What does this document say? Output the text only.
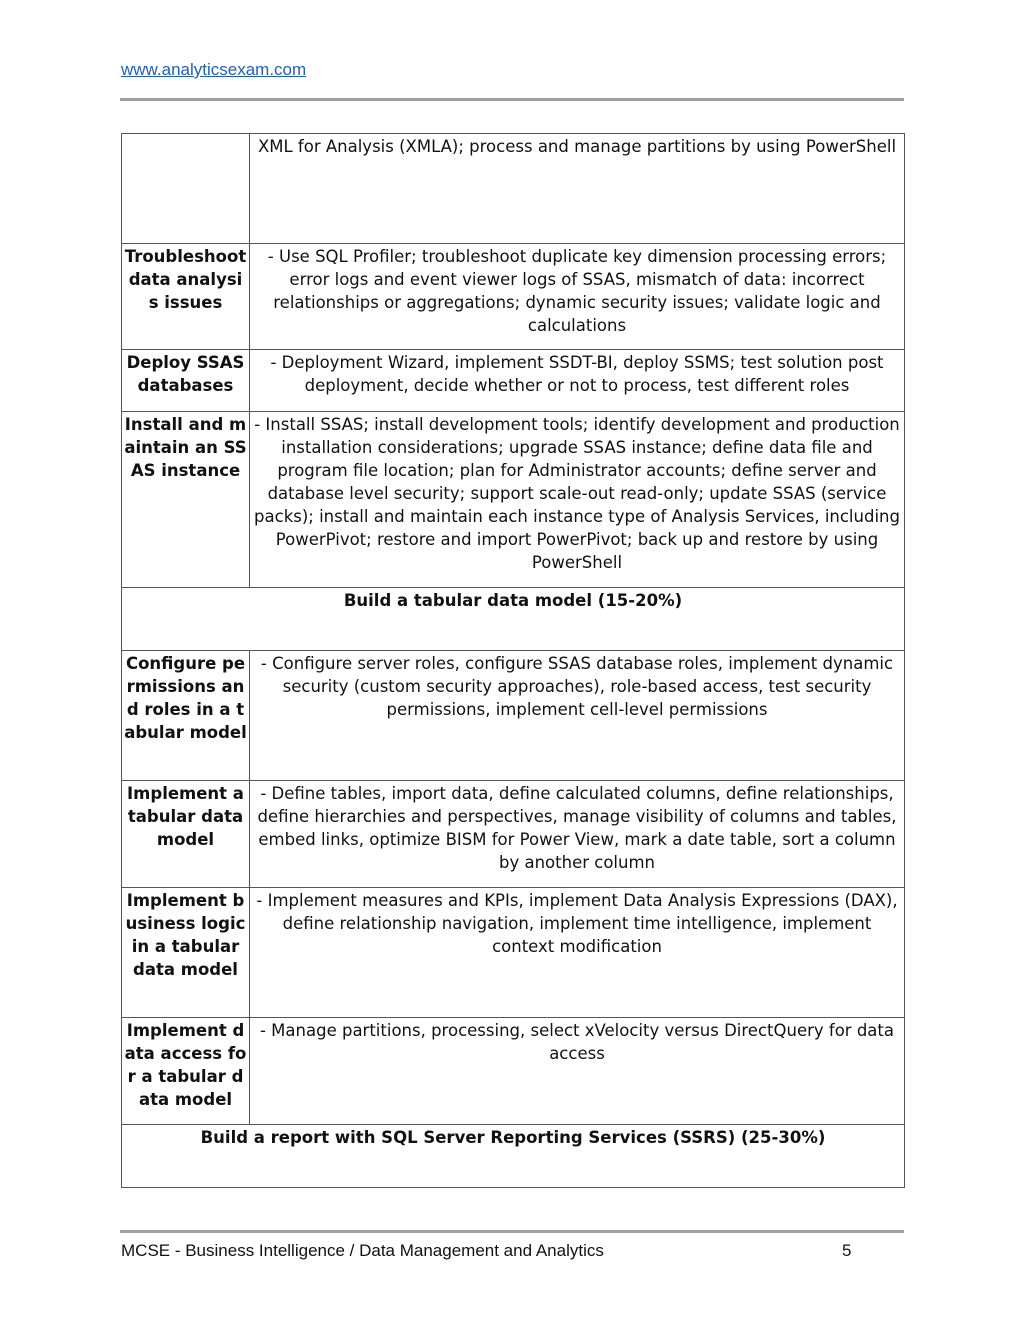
www.analyticsexam.com
	XML for Analysis (XMLA); process and manage partitions by using PowerShell
Troubleshoot data analysis issues	- Use SQL Profiler; troubleshoot duplicate key dimension processing errors; error logs and event viewer logs of SSAS, mismatch of data: incorrect relationships or aggregations; dynamic security issues; validate logic and calculations
Deploy SSAS databases	- Deployment Wizard, implement SSDT-BI, deploy SSMS; test solution post deployment, decide whether or not to process, test different roles
Install and maintain an SSAS instance	- Install SSAS; install development tools; identify development and production installation considerations; upgrade SSAS instance; define data file and program file location; plan for Administrator accounts; define server and database level security; support scale-out read-only; update SSAS (service packs); install and maintain each instance type of Analysis Services, including PowerPivot; restore and import PowerPivot; back up and restore by using PowerShell
Build a tabular data model (15-20%)	
Configure permissions and roles in a tabular model	- Configure server roles, configure SSAS database roles, implement dynamic security (custom security approaches), role-based access, test security permissions, implement cell-level permissions
Implement a tabular data model	- Define tables, import data, define calculated columns, define relationships, define hierarchies and perspectives, manage visibility of columns and tables, embed links, optimize BISM for Power View, mark a date table, sort a column by another column
Implement business logic in a tabular data model	- Implement measures and KPIs, implement Data Analysis Expressions (DAX), define relationship navigation, implement time intelligence, implement context modification
Implement data access for a tabular data model	- Manage partitions, processing, select xVelocity versus DirectQuery for data access
Build a report with SQL Server Reporting Services (SSRS) (25-30%)	
MCSE - Business Intelligence / Data Management and Analytics	5
